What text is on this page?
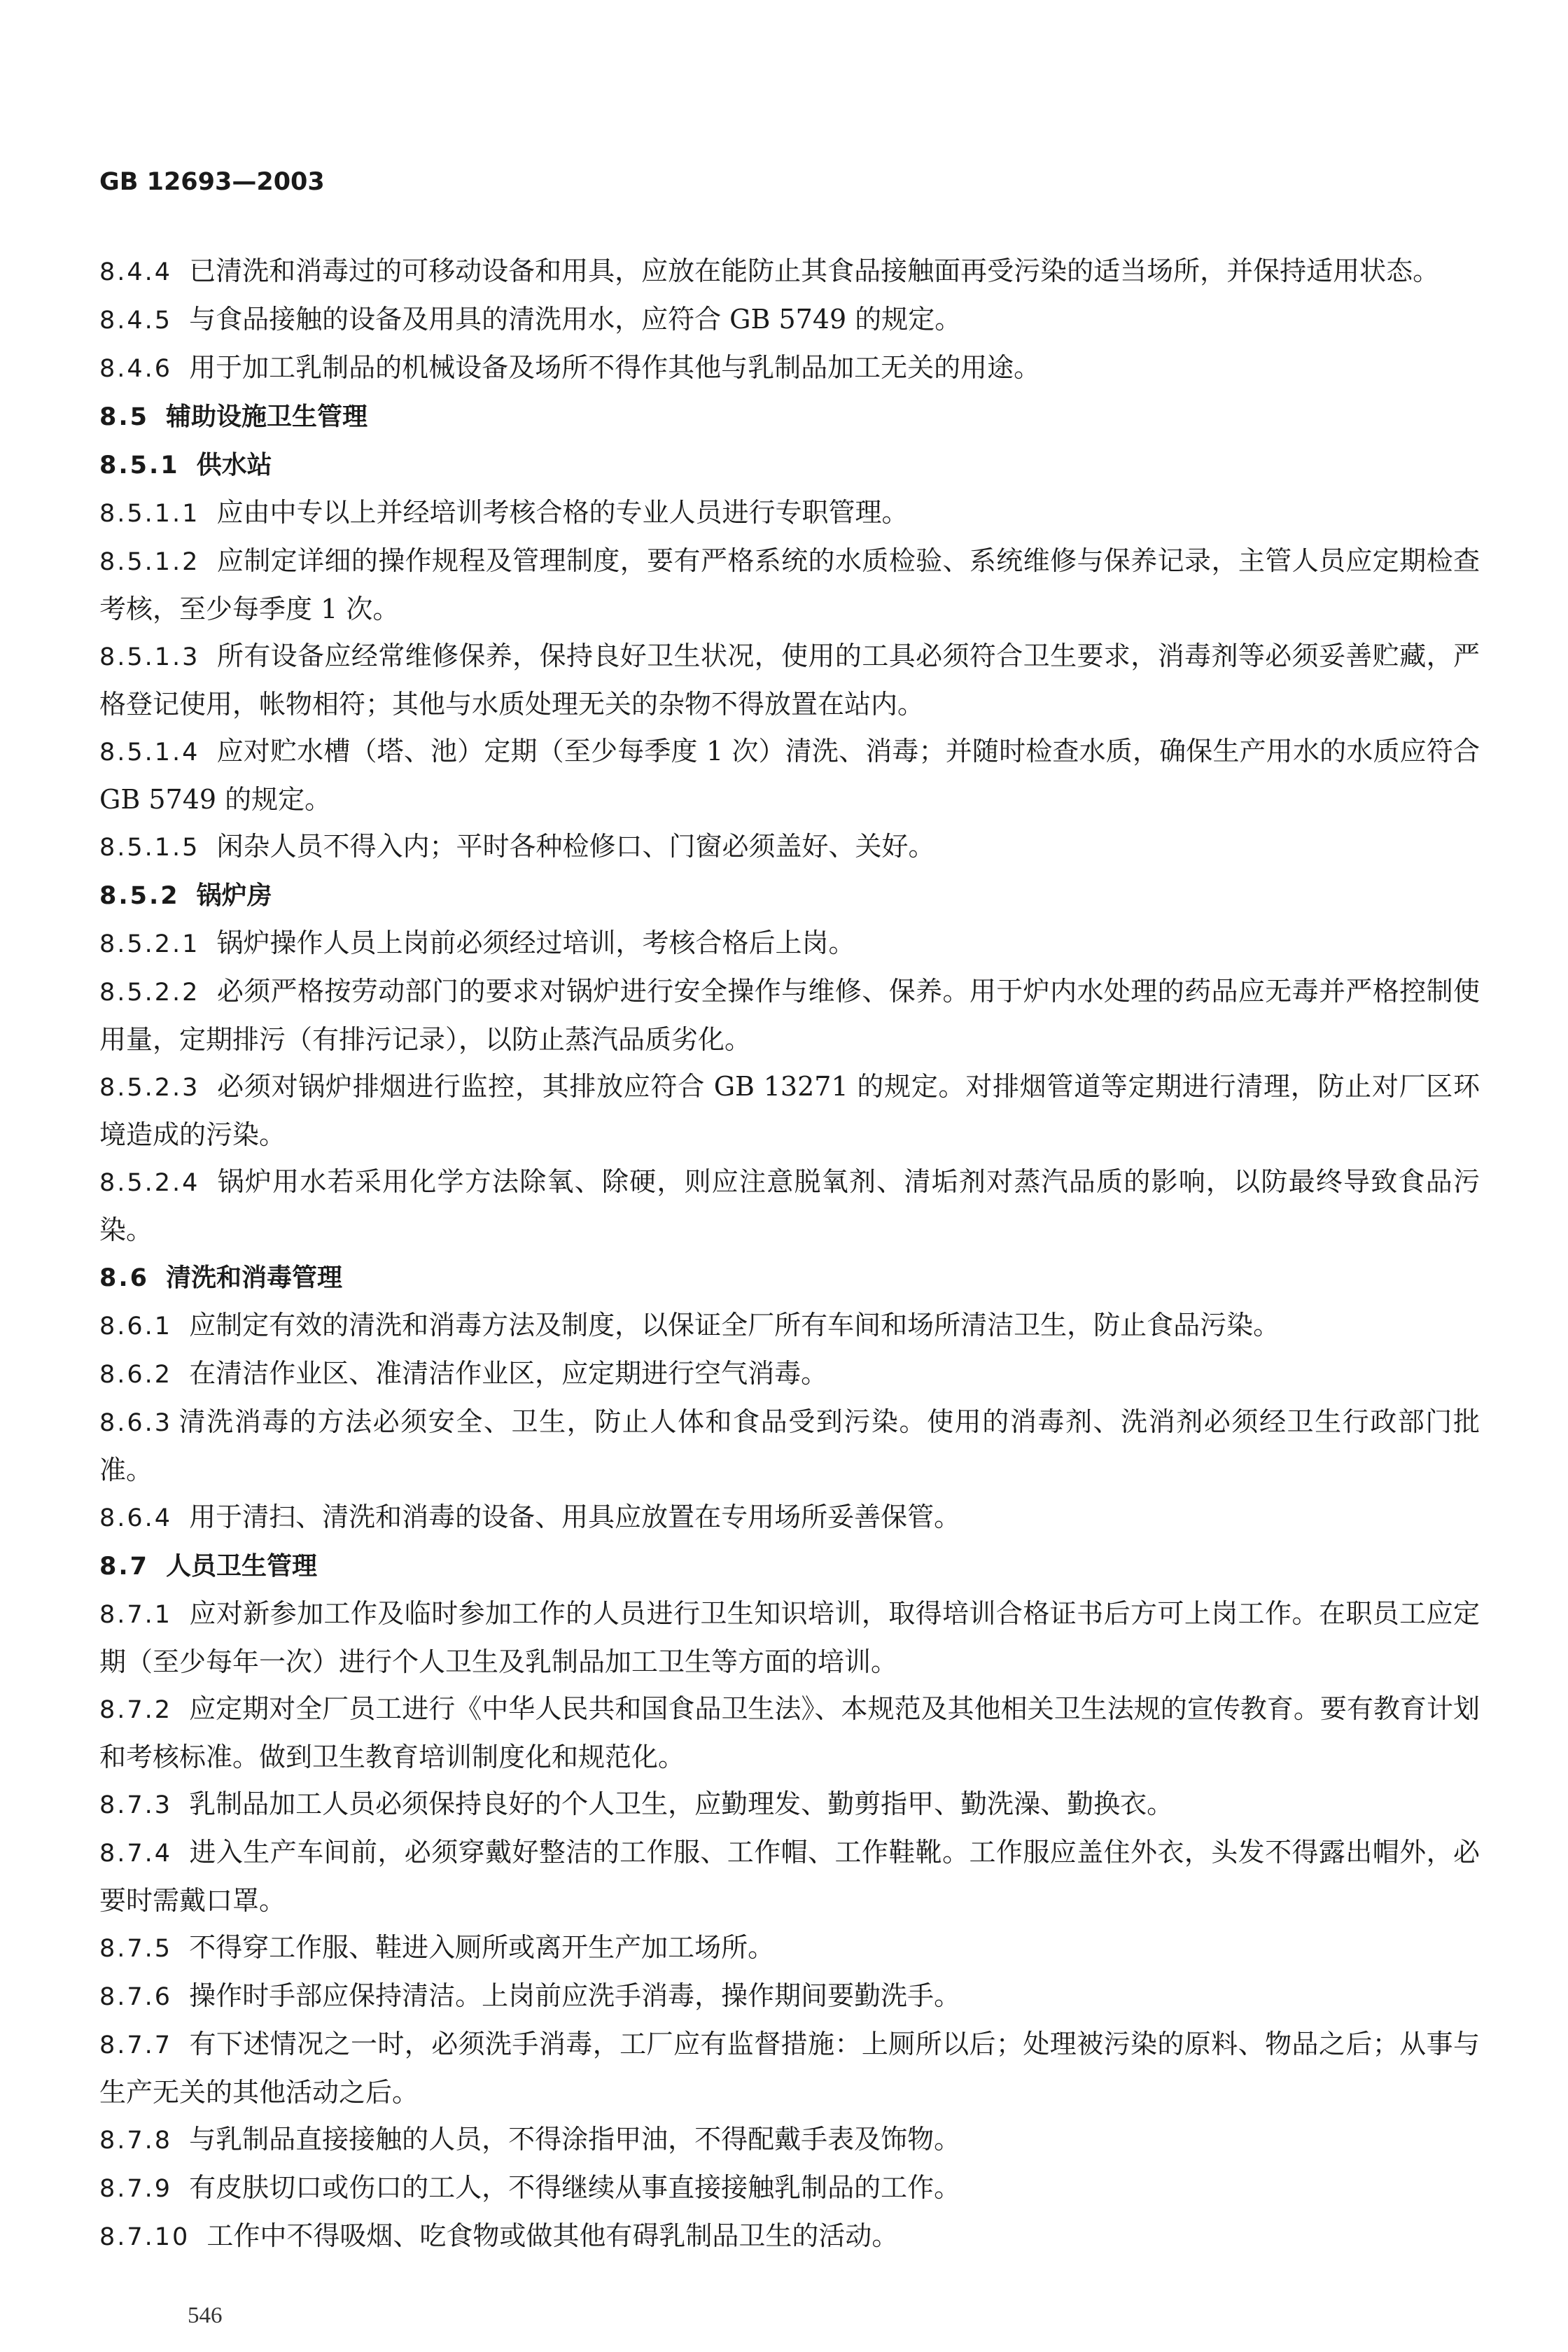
GB 12693—2003

8.4.4 已清洗和消毒过的可移动设备和用具，应放在能防止其食品接触面再受污染的适当场所，并保持适用状态。

8.4.5 与食品接触的设备及用具的清洗用水，应符合 GB 5749 的规定。

8.4.6 用于加工乳制品的机械设备及场所不得作其他与乳制品加工无关的用途。

8.5 辅助设施卫生管理

8.5.1 供水站

8.5.1.1 应由中专以上并经培训考核合格的专业人员进行专职管理。

8.5.1.2 应制定详细的操作规程及管理制度，要有严格系统的水质检验、系统维修与保养记录，主管人员应定期检查考核，至少每季度 1 次。

8.5.1.3 所有设备应经常维修保养，保持良好卫生状况，使用的工具必须符合卫生要求，消毒剂等必须妥善贮藏，严格登记使用，帐物相符；其他与水质处理无关的杂物不得放置在站内。

8.5.1.4 应对贮水槽（塔、池）定期（至少每季度 1 次）清洗、消毒；并随时检查水质，确保生产用水的水质应符合 GB 5749 的规定。

8.5.1.5 闲杂人员不得入内；平时各种检修口、门窗必须盖好、关好。

8.5.2 锅炉房

8.5.2.1 锅炉操作人员上岗前必须经过培训，考核合格后上岗。

8.5.2.2 必须严格按劳动部门的要求对锅炉进行安全操作与维修、保养。用于炉内水处理的药品应无毒并严格控制使用量，定期排污（有排污记录），以防止蒸汽品质劣化。

8.5.2.3 必须对锅炉排烟进行监控，其排放应符合 GB 13271 的规定。对排烟管道等定期进行清理，防止对厂区环境造成的污染。

8.5.2.4 锅炉用水若采用化学方法除氧、除硬，则应注意脱氧剂、清垢剂对蒸汽品质的影响，以防最终导致食品污染。

8.6 清洗和消毒管理

8.6.1 应制定有效的清洗和消毒方法及制度，以保证全厂所有车间和场所清洁卫生，防止食品污染。

8.6.2 在清洁作业区、准清洁作业区，应定期进行空气消毒。

8.6.3 清洗消毒的方法必须安全、卫生，防止人体和食品受到污染。使用的消毒剂、洗消剂必须经卫生行政部门批准。

8.6.4 用于清扫、清洗和消毒的设备、用具应放置在专用场所妥善保管。

8.7 人员卫生管理

8.7.1 应对新参加工作及临时参加工作的人员进行卫生知识培训，取得培训合格证书后方可上岗工作。在职员工应定期（至少每年一次）进行个人卫生及乳制品加工卫生等方面的培训。

8.7.2 应定期对全厂员工进行《中华人民共和国食品卫生法》、本规范及其他相关卫生法规的宣传教育。要有教育计划和考核标准。做到卫生教育培训制度化和规范化。

8.7.3 乳制品加工人员必须保持良好的个人卫生，应勤理发、勤剪指甲、勤洗澡、勤换衣。

8.7.4 进入生产车间前，必须穿戴好整洁的工作服、工作帽、工作鞋靴。工作服应盖住外衣，头发不得露出帽外，必要时需戴口罩。

8.7.5 不得穿工作服、鞋进入厕所或离开生产加工场所。

8.7.6 操作时手部应保持清洁。上岗前应洗手消毒，操作期间要勤洗手。

8.7.7 有下述情况之一时，必须洗手消毒，工厂应有监督措施：上厕所以后；处理被污染的原料、物品之后；从事与生产无关的其他活动之后。

8.7.8 与乳制品直接接触的人员，不得涂指甲油，不得配戴手表及饰物。

8.7.9 有皮肤切口或伤口的工人，不得继续从事直接接触乳制品的工作。

8.7.10 工作中不得吸烟、吃食物或做其他有碍乳制品卫生的活动。

546
